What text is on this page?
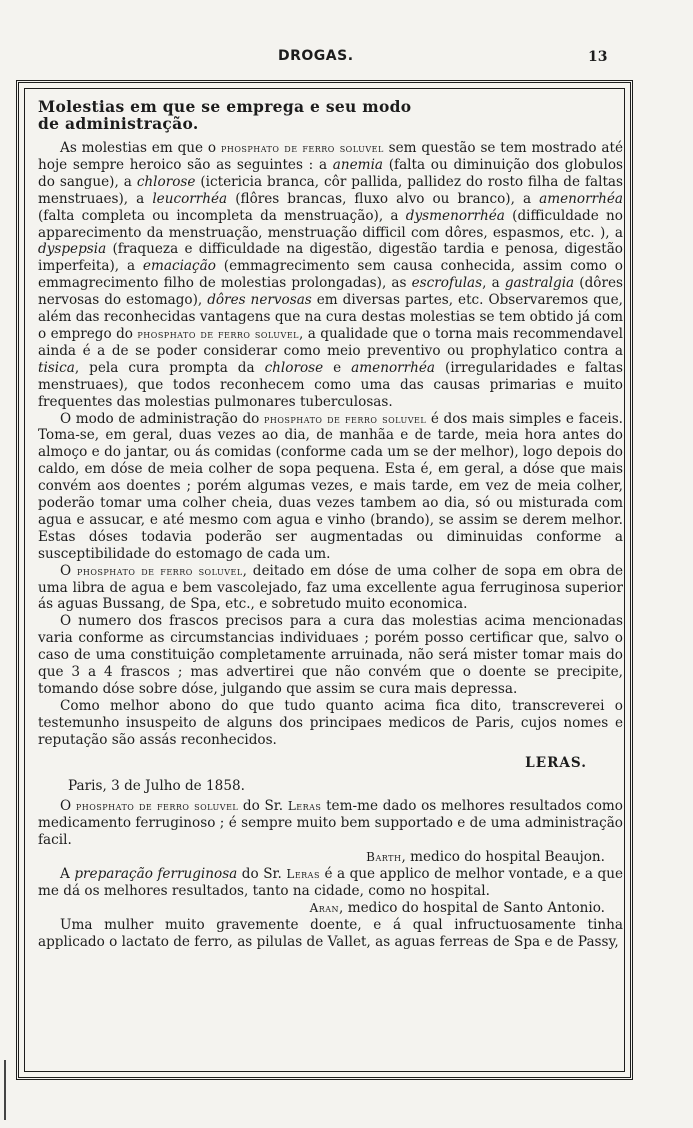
DROGAS.	13

Molestias em que se emprega e seu modo
de administração.

As molestias em que o phosphato de ferro soluvel sem questão se tem mostrado até hoje sempre heroico são as seguintes : a anemia (falta ou diminuição dos globulos do sangue), a chlorose (ictericia branca, côr pallida, pallidez do rosto filha de faltas menstruaes), a leucorrhéa (flôres brancas, fluxo alvo ou branco), a amenorrhéa (falta completa ou incompleta da menstruação), a dysmenorrhéa (difficuldade no apparecimento da menstruação, menstruação difficil com dôres, espasmos, etc. ), a dyspepsia (fraqueza e difficuldade na digestão, digestão tardia e penosa, digestão imperfeita), a emaciação (emmagrecimento sem causa conhecida, assim como o emmagrecimento filho de molestias prolongadas), as escrofulas, a gastralgia (dôres nervosas do estomago), dôres nervosas em diversas partes, etc. Observaremos que, além das reconhecidas vantagens que na cura destas molestias se tem obtido já com o emprego do phosphato de ferro soluvel, a qualidade que o torna mais recommendavel ainda é a de se poder considerar como meio preventivo ou prophylatico contra a tisica, pela cura prompta da chlorose e amenorrhéa (irregularidades e faltas menstruaes), que todos reconhecem como uma das causas primarias e muito frequentes das molestias pulmonares tuberculosas.

O modo de administração do phosphato de ferro soluvel é dos mais simples e faceis. Toma-se, em geral, duas vezes ao dia, de manhãa e de tarde, meia hora antes do almoço e do jantar, ou ás comidas (conforme cada um se der melhor), logo depois do caldo, em dóse de meia colher de sopa pequena. Esta é, em geral, a dóse que mais convém aos doentes ; porém algumas vezes, e mais tarde, em vez de meia colher, poderão tomar uma colher cheia, duas vezes tambem ao dia, só ou misturada com agua e assucar, e até mesmo com agua e vinho (brando), se assim se derem melhor. Estas dóses todavia poderão ser augmentadas ou diminuidas conforme a susceptibilidade do estomago de cada um.

O phosphato de ferro soluvel, deitado em dóse de uma colher de sopa em obra de uma libra de agua e bem vascolejado, faz uma excellente agua ferruginosa superior ás aguas Bussang, de Spa, etc., e sobretudo muito economica.

O numero dos frascos precisos para a cura das molestias acima mencionadas varia conforme as circumstancias individuaes ; porém posso certificar que, salvo o caso de uma constituição completamente arruinada, não será mister tomar mais do que 3 a 4 frascos ; mas advertirei que não convém que o doente se precipite, tomando dóse sobre dóse, julgando que assim se cura mais depressa.

Como melhor abono do que tudo quanto acima fica dito, transcreverei o testemunho insuspeito de alguns dos principaes medicos de Paris, cujos nomes e reputação são assás reconhecidos.

LERAS.

Paris, 3 de Julho de 1858.

O phosphato de ferro soluvel do Sr. Leras tem-me dado os melhores resultados como medicamento ferruginoso ; é sempre muito bem supportado e de uma administração facil.

Barth, medico do hospital Beaujon.

A preparação ferruginosa do Sr. Leras é a que applico de melhor vontade, e a que me dá os melhores resultados, tanto na cidade, como no hospital.

Aran, medico do hospital de Santo Antonio.

Uma mulher muito gravemente doente, e á qual infructuosamente tinha applicado o lactato de ferro, as pilulas de Vallet, as aguas ferreas de Spa e de Passy,
